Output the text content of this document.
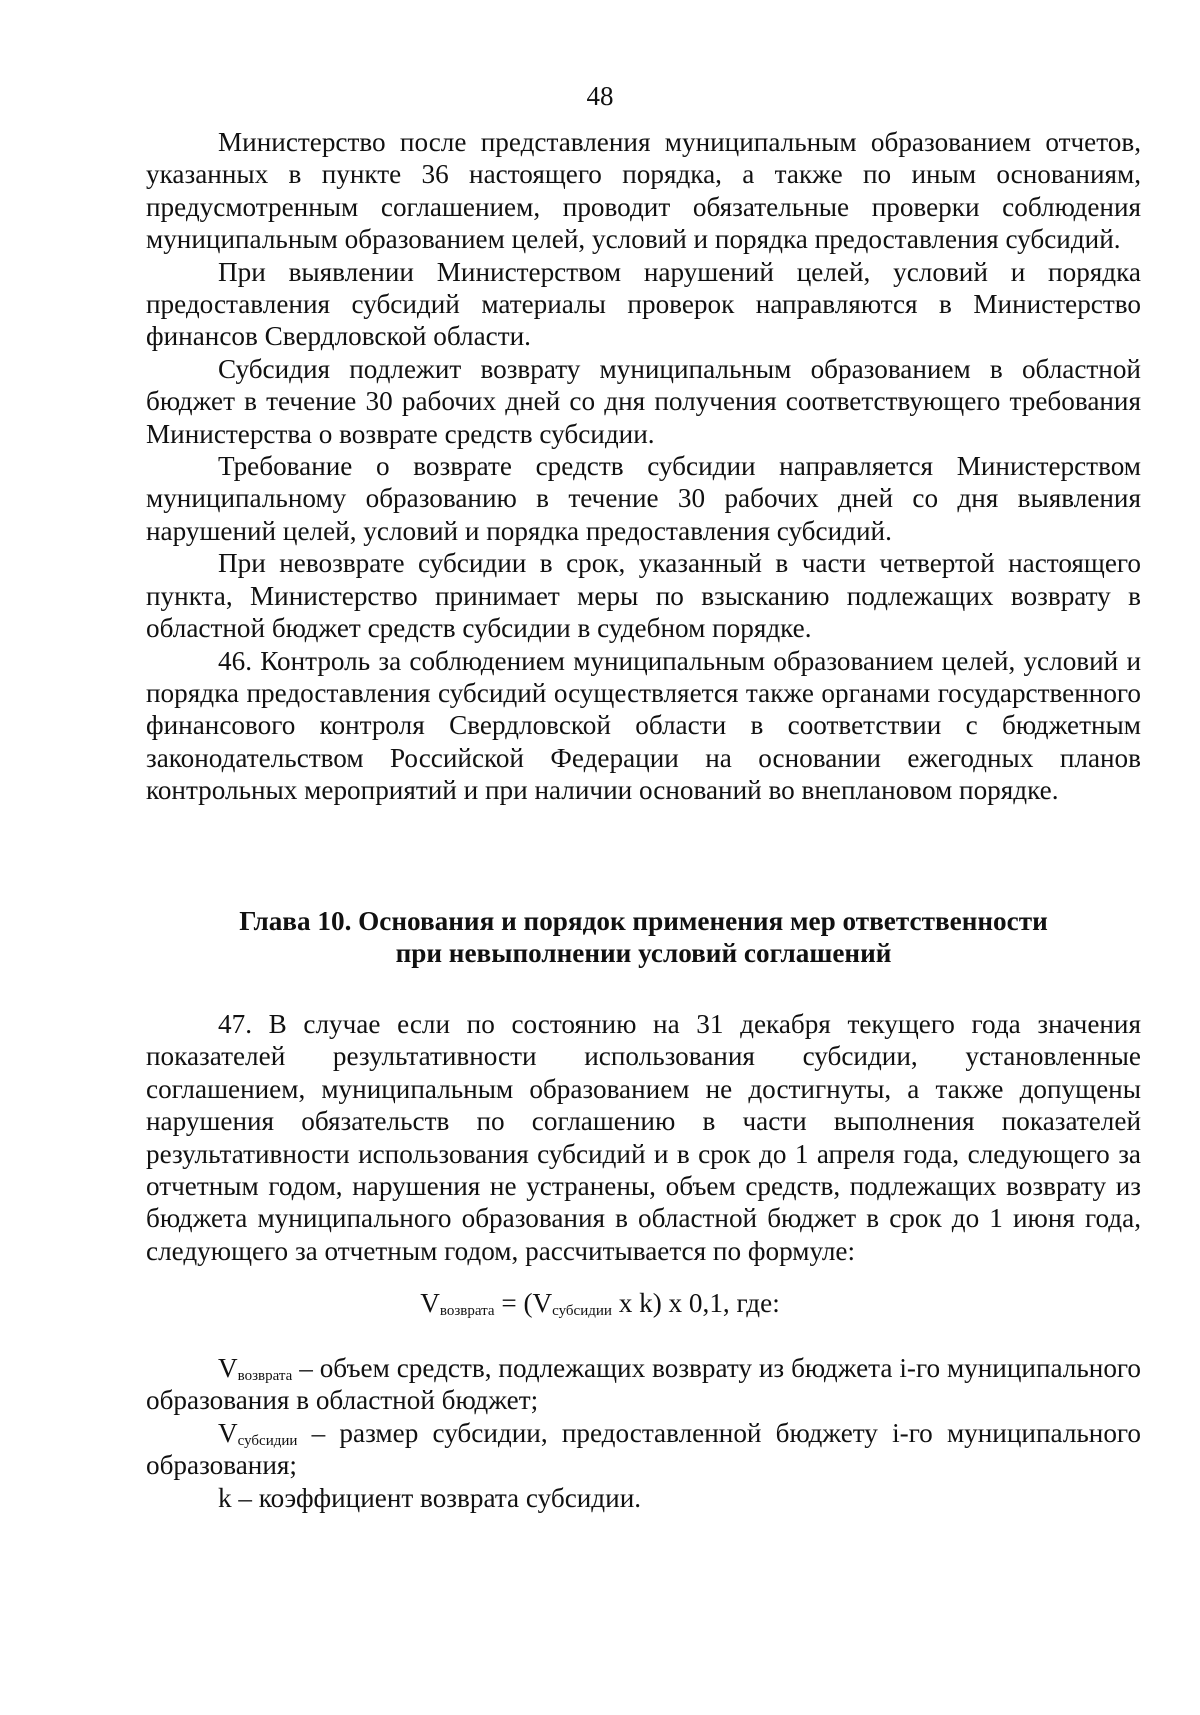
48

Министерство после представления муниципальным образованием отчетов, указанных в пункте 36 настоящего порядка, а также по иным основаниям, предусмотренным соглашением, проводит обязательные проверки соблюдения муниципальным образованием целей, условий и порядка предоставления субсидий.

При выявлении Министерством нарушений целей, условий и порядка предоставления субсидий материалы проверок направляются в Министерство финансов Свердловской области.

Субсидия подлежит возврату муниципальным образованием в областной бюджет в течение 30 рабочих дней со дня получения соответствующего требования Министерства о возврате средств субсидии.

Требование о возврате средств субсидии направляется Министерством муниципальному образованию в течение 30 рабочих дней со дня выявления нарушений целей, условий и порядка предоставления субсидий.

При невозврате субсидии в срок, указанный в части четвертой настоящего пункта, Министерство принимает меры по взысканию подлежащих возврату в областной бюджет средств субсидии в судебном порядке.

46. Контроль за соблюдением муниципальным образованием целей, условий и порядка предоставления субсидий осуществляется также органами государственного финансового контроля Свердловской области в соответствии с бюджетным законодательством Российской Федерации на основании ежегодных планов контрольных мероприятий и при наличии оснований во внеплановом порядке.

Глава 10. Основания и порядок применения мер ответственности
при невыполнении условий соглашений

47. В случае если по состоянию на 31 декабря текущего года значения показателей результативности использования субсидии, установленные соглашением, муниципальным образованием не достигнуты, а также допущены нарушения обязательств по соглашению в части выполнения показателей результативности использования субсидий и в срок до 1 апреля года, следующего за отчетным годом, нарушения не устранены, объем средств, подлежащих возврату из бюджета муниципального образования в областной бюджет в срок до 1 июня года, следующего за отчетным годом, рассчитывается по формуле:

$V_{возврата} = (V_{субсидии}$ x k) x 0,1, где:

$V_{возврата}$ – объем средств, подлежащих возврату из бюджета i-го муниципального образования в областной бюджет;

$V_{субсидии}$ – размер субсидии, предоставленной бюджету i-го муниципального образования;

k – коэффициент возврата субсидии.
